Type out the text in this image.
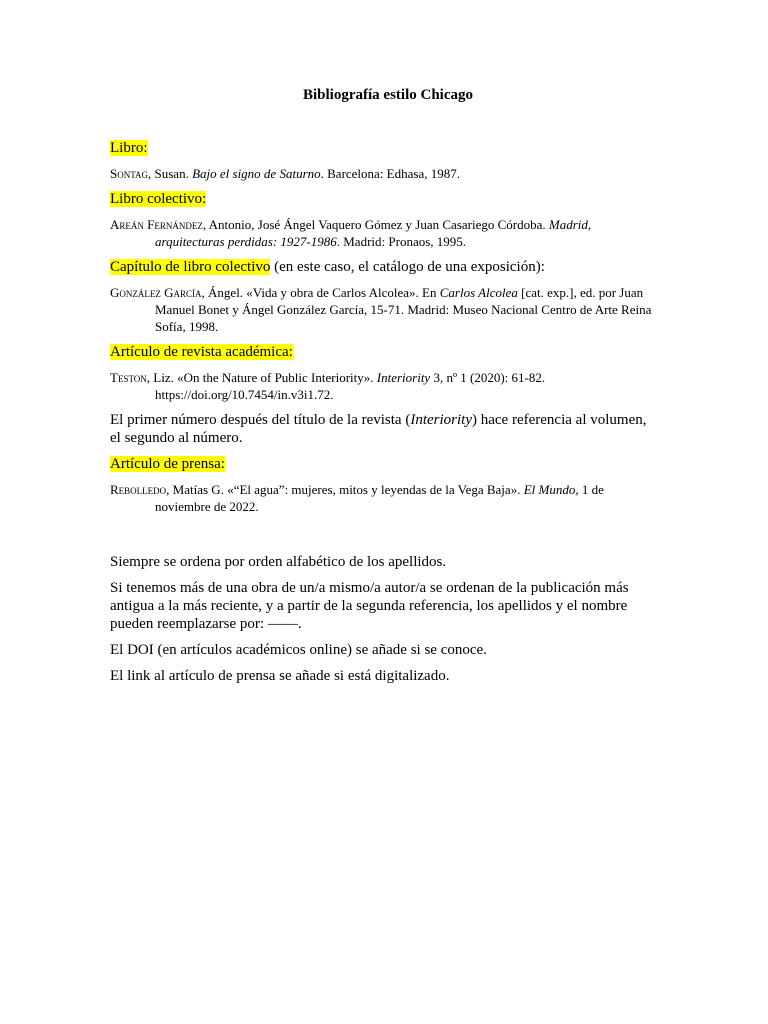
Bibliografía estilo Chicago
Libro:
Sontag, Susan. Bajo el signo de Saturno. Barcelona: Edhasa, 1987.
Libro colectivo:
Areán Fernández, Antonio, José Ángel Vaquero Gómez y Juan Casariego Córdoba. Madrid, arquitecturas perdidas: 1927-1986. Madrid: Pronaos, 1995.
Capítulo de libro colectivo (en este caso, el catálogo de una exposición):
González García, Ángel. «Vida y obra de Carlos Alcolea». En Carlos Alcolea [cat. exp.], ed. por Juan Manuel Bonet y Ángel González García, 15-71. Madrid: Museo Nacional Centro de Arte Reina Sofía, 1998.
Artículo de revista académica:
Teston, Liz. «On the Nature of Public Interiority». Interiority 3, nº 1 (2020): 61-82. https://doi.org/10.7454/in.v3i1.72.
El primer número después del título de la revista (Interiority) hace referencia al volumen, el segundo al número.
Artículo de prensa:
Rebolledo, Matías G. «“El agua”: mujeres, mitos y leyendas de la Vega Baja». El Mundo, 1 de noviembre de 2022.
Siempre se ordena por orden alfabético de los apellidos.
Si tenemos más de una obra de un/a mismo/a autor/a se ordenan de la publicación más antigua a la más reciente, y a partir de la segunda referencia, los apellidos y el nombre pueden reemplazarse por: ——.
El DOI (en artículos académicos online) se añade si se conoce.
El link al artículo de prensa se añade si está digitalizado.
